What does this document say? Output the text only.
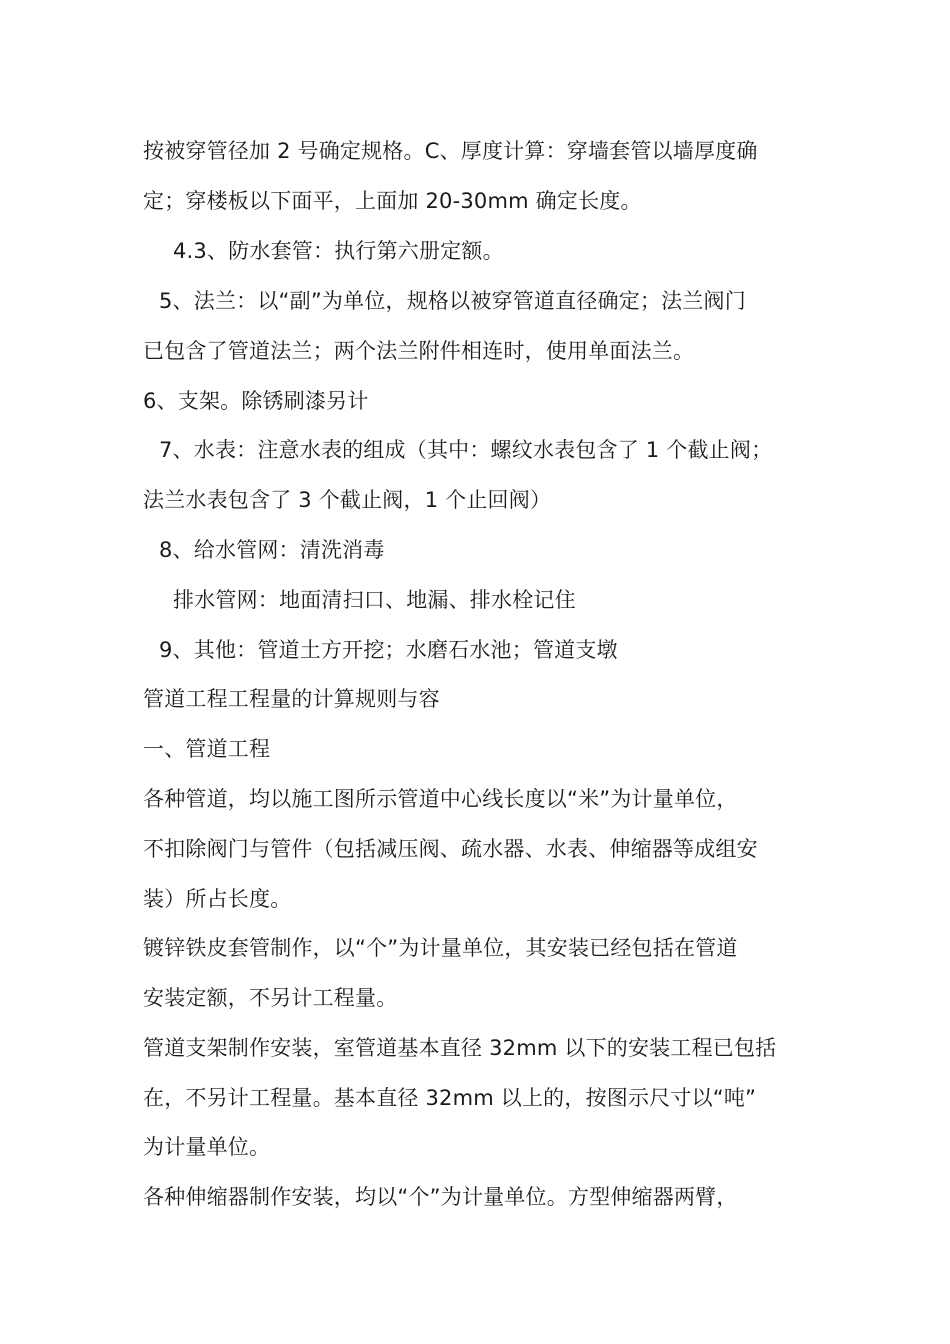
按被穿管径加 2 号确定规格。C、厚度计算：穿墙套管以墙厚度确
定；穿楼板以下面平，上面加 20-30mm 确定长度。
4.3、防水套管：执行第六册定额。
5、法兰：以“副”为单位，规格以被穿管道直径确定；法兰阀门
已包含了管道法兰；两个法兰附件相连时，使用单面法兰。
6、支架。除锈刷漆另计
7、水表：注意水表的组成（其中：螺纹水表包含了 1 个截止阀；
法兰水表包含了 3 个截止阀，1 个止回阀）
8、给水管网：清洗消毒
排水管网：地面清扫口、地漏、排水栓记住
9、其他：管道土方开挖；水磨石水池；管道支墩
管道工程工程量的计算规则与容
一、管道工程
各种管道，均以施工图所示管道中心线长度以“米”为计量单位，
不扣除阀门与管件（包括减压阀、疏水器、水表、伸缩器等成组安
装）所占长度。
镀锌铁皮套管制作，以“个”为计量单位，其安装已经包括在管道
安装定额，不另计工程量。
管道支架制作安装，室管道基本直径 32mm 以下的安装工程已包括
在，不另计工程量。基本直径 32mm 以上的，按图示尺寸以“吨”
为计量单位。
各种伸缩器制作安装，均以“个”为计量单位。方型伸缩器两臂，
